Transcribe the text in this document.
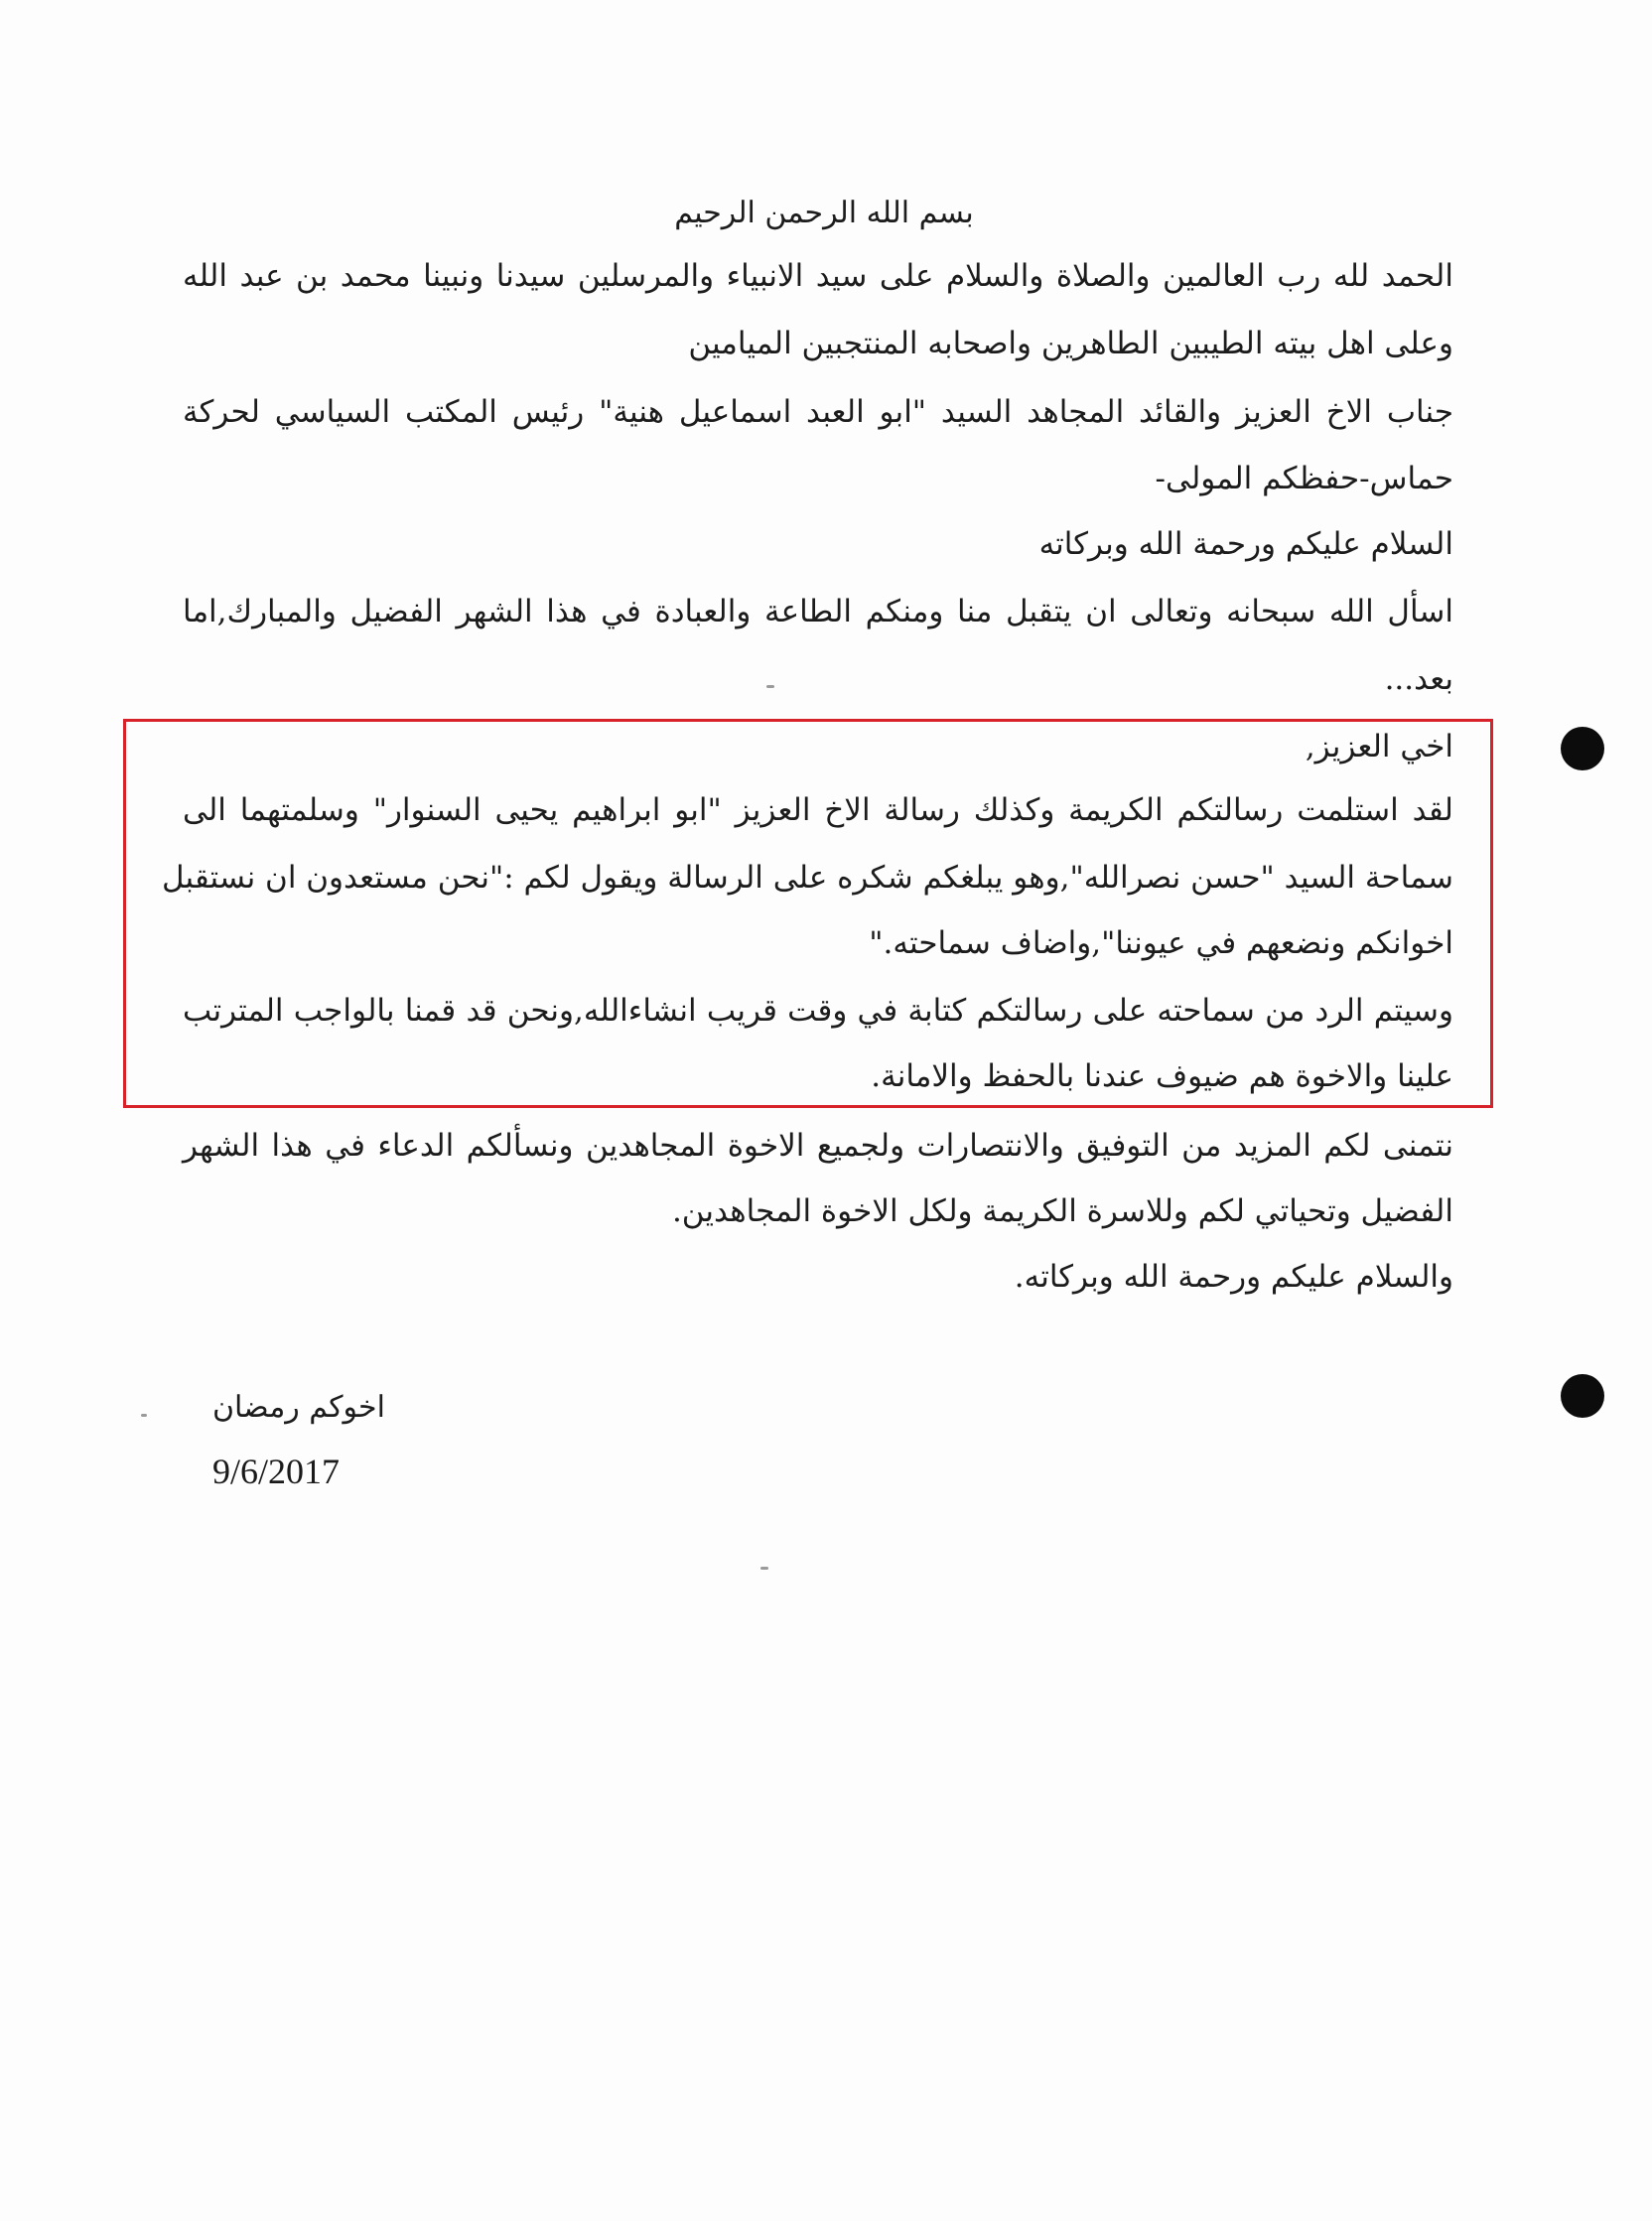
بسم الله الرحمن الرحيم
الحمد لله رب العالمين والصلاة والسلام على سيد الانبياء والمرسلين سيدنا ونبينا محمد بن عبد الله
وعلى اهل بيته الطيبين الطاهرين واصحابه المنتجبين الميامين
جناب الاخ العزيز والقائد المجاهد السيد "ابو العبد اسماعيل هنية" رئيس المكتب السياسي لحركة
حماس-حفظكم المولى-
السلام عليكم ورحمة الله وبركاته
اسأل الله سبحانه وتعالى ان يتقبل منا ومنكم الطاعة والعبادة في هذا الشهر الفضيل والمبارك,اما
بعد...
اخي العزيز,
لقد استلمت رسالتكم الكريمة وكذلك رسالة الاخ العزيز "ابو ابراهيم يحيى السنوار" وسلمتهما الى
سماحة السيد "حسن نصرالله",وهو يبلغكم شكره على الرسالة ويقول لكم :"نحن مستعدون ان نستقبل
اخوانكم ونضعهم في عيوننا",واضاف سماحته."
وسيتم الرد من سماحته على رسالتكم كتابة في وقت قريب انشاءالله,ونحن قد قمنا بالواجب المترتب
علينا والاخوة هم ضيوف عندنا بالحفظ والامانة.
نتمنى لكم المزيد من التوفيق والانتصارات ولجميع الاخوة المجاهدين ونسألكم الدعاء في هذا الشهر
الفضيل وتحياتي لكم وللاسرة الكريمة ولكل الاخوة المجاهدين.
والسلام عليكم ورحمة الله وبركاته.
اخوكم رمضان
9/6/2017
